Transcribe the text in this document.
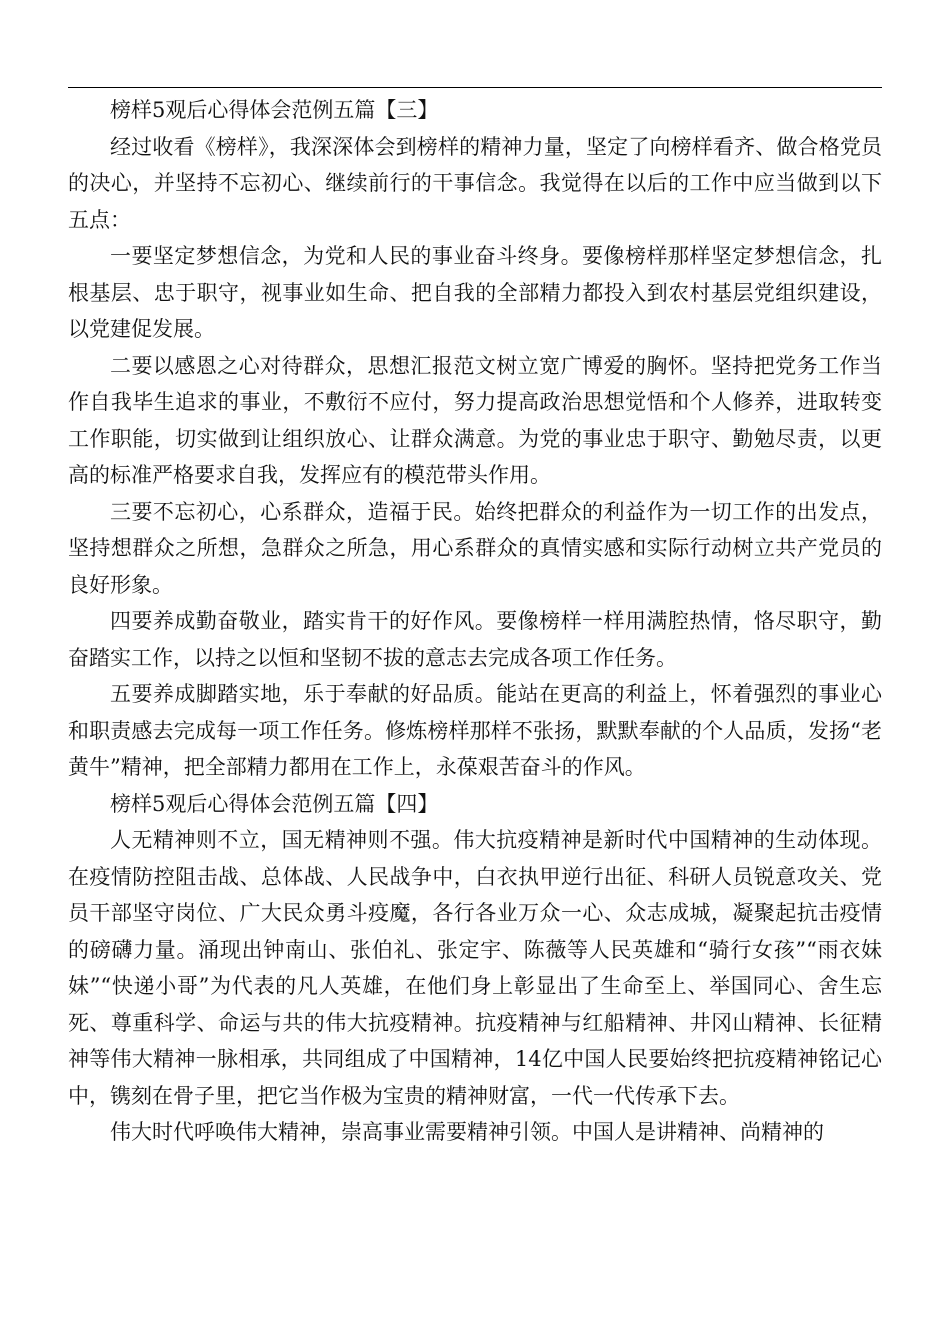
榜样5观后心得体会范例五篇【三】

经过收看《榜样》，我深深体会到榜样的精神力量，坚定了向榜样看齐、做合格党员的决心，并坚持不忘初心、继续前行的干事信念。我觉得在以后的工作中应当做到以下五点：

一要坚定梦想信念，为党和人民的事业奋斗终身。要像榜样那样坚定梦想信念，扎根基层、忠于职守，视事业如生命、把自我的全部精力都投入到农村基层党组织建设，以党建促发展。

二要以感恩之心对待群众，思想汇报范文树立宽广博爱的胸怀。坚持把党务工作当作自我毕生追求的事业，不敷衍不应付，努力提高政治思想觉悟和个人修养，进取转变工作职能，切实做到让组织放心、让群众满意。为党的事业忠于职守、勤勉尽责，以更高的标准严格要求自我，发挥应有的模范带头作用。

三要不忘初心，心系群众，造福于民。始终把群众的利益作为一切工作的出发点，坚持想群众之所想，急群众之所急，用心系群众的真情实感和实际行动树立共产党员的良好形象。

四要养成勤奋敬业，踏实肯干的好作风。要像榜样一样用满腔热情，恪尽职守，勤奋踏实工作，以持之以恒和坚韧不拔的意志去完成各项工作任务。

五要养成脚踏实地，乐于奉献的好品质。能站在更高的利益上，怀着强烈的事业心和职责感去完成每一项工作任务。修炼榜样那样不张扬，默默奉献的个人品质，发扬“老黄牛”精神，把全部精力都用在工作上，永葆艰苦奋斗的作风。

榜样5观后心得体会范例五篇【四】

人无精神则不立，国无精神则不强。伟大抗疫精神是新时代中国精神的生动体现。在疫情防控阻击战、总体战、人民战争中，白衣执甲逆行出征、科研人员锐意攻关、党员干部坚守岗位、广大民众勇斗疫魔，各行各业万众一心、众志成城，凝聚起抗击疫情的磅礴力量。涌现出钟南山、张伯礼、张定宇、陈薇等人民英雄和“骑行女孩”“雨衣妹妹”“快递小哥”为代表的凡人英雄，在他们身上彰显出了生命至上、举国同心、舍生忘死、尊重科学、命运与共的伟大抗疫精神。抗疫精神与红船精神、井冈山精神、长征精神等伟大精神一脉相承，共同组成了中国精神，14亿中国人民要始终把抗疫精神铭记心中，镌刻在骨子里，把它当作极为宝贵的精神财富，一代一代传承下去。

伟大时代呼唤伟大精神，崇高事业需要精神引领。中国人是讲精神、尚精神的
